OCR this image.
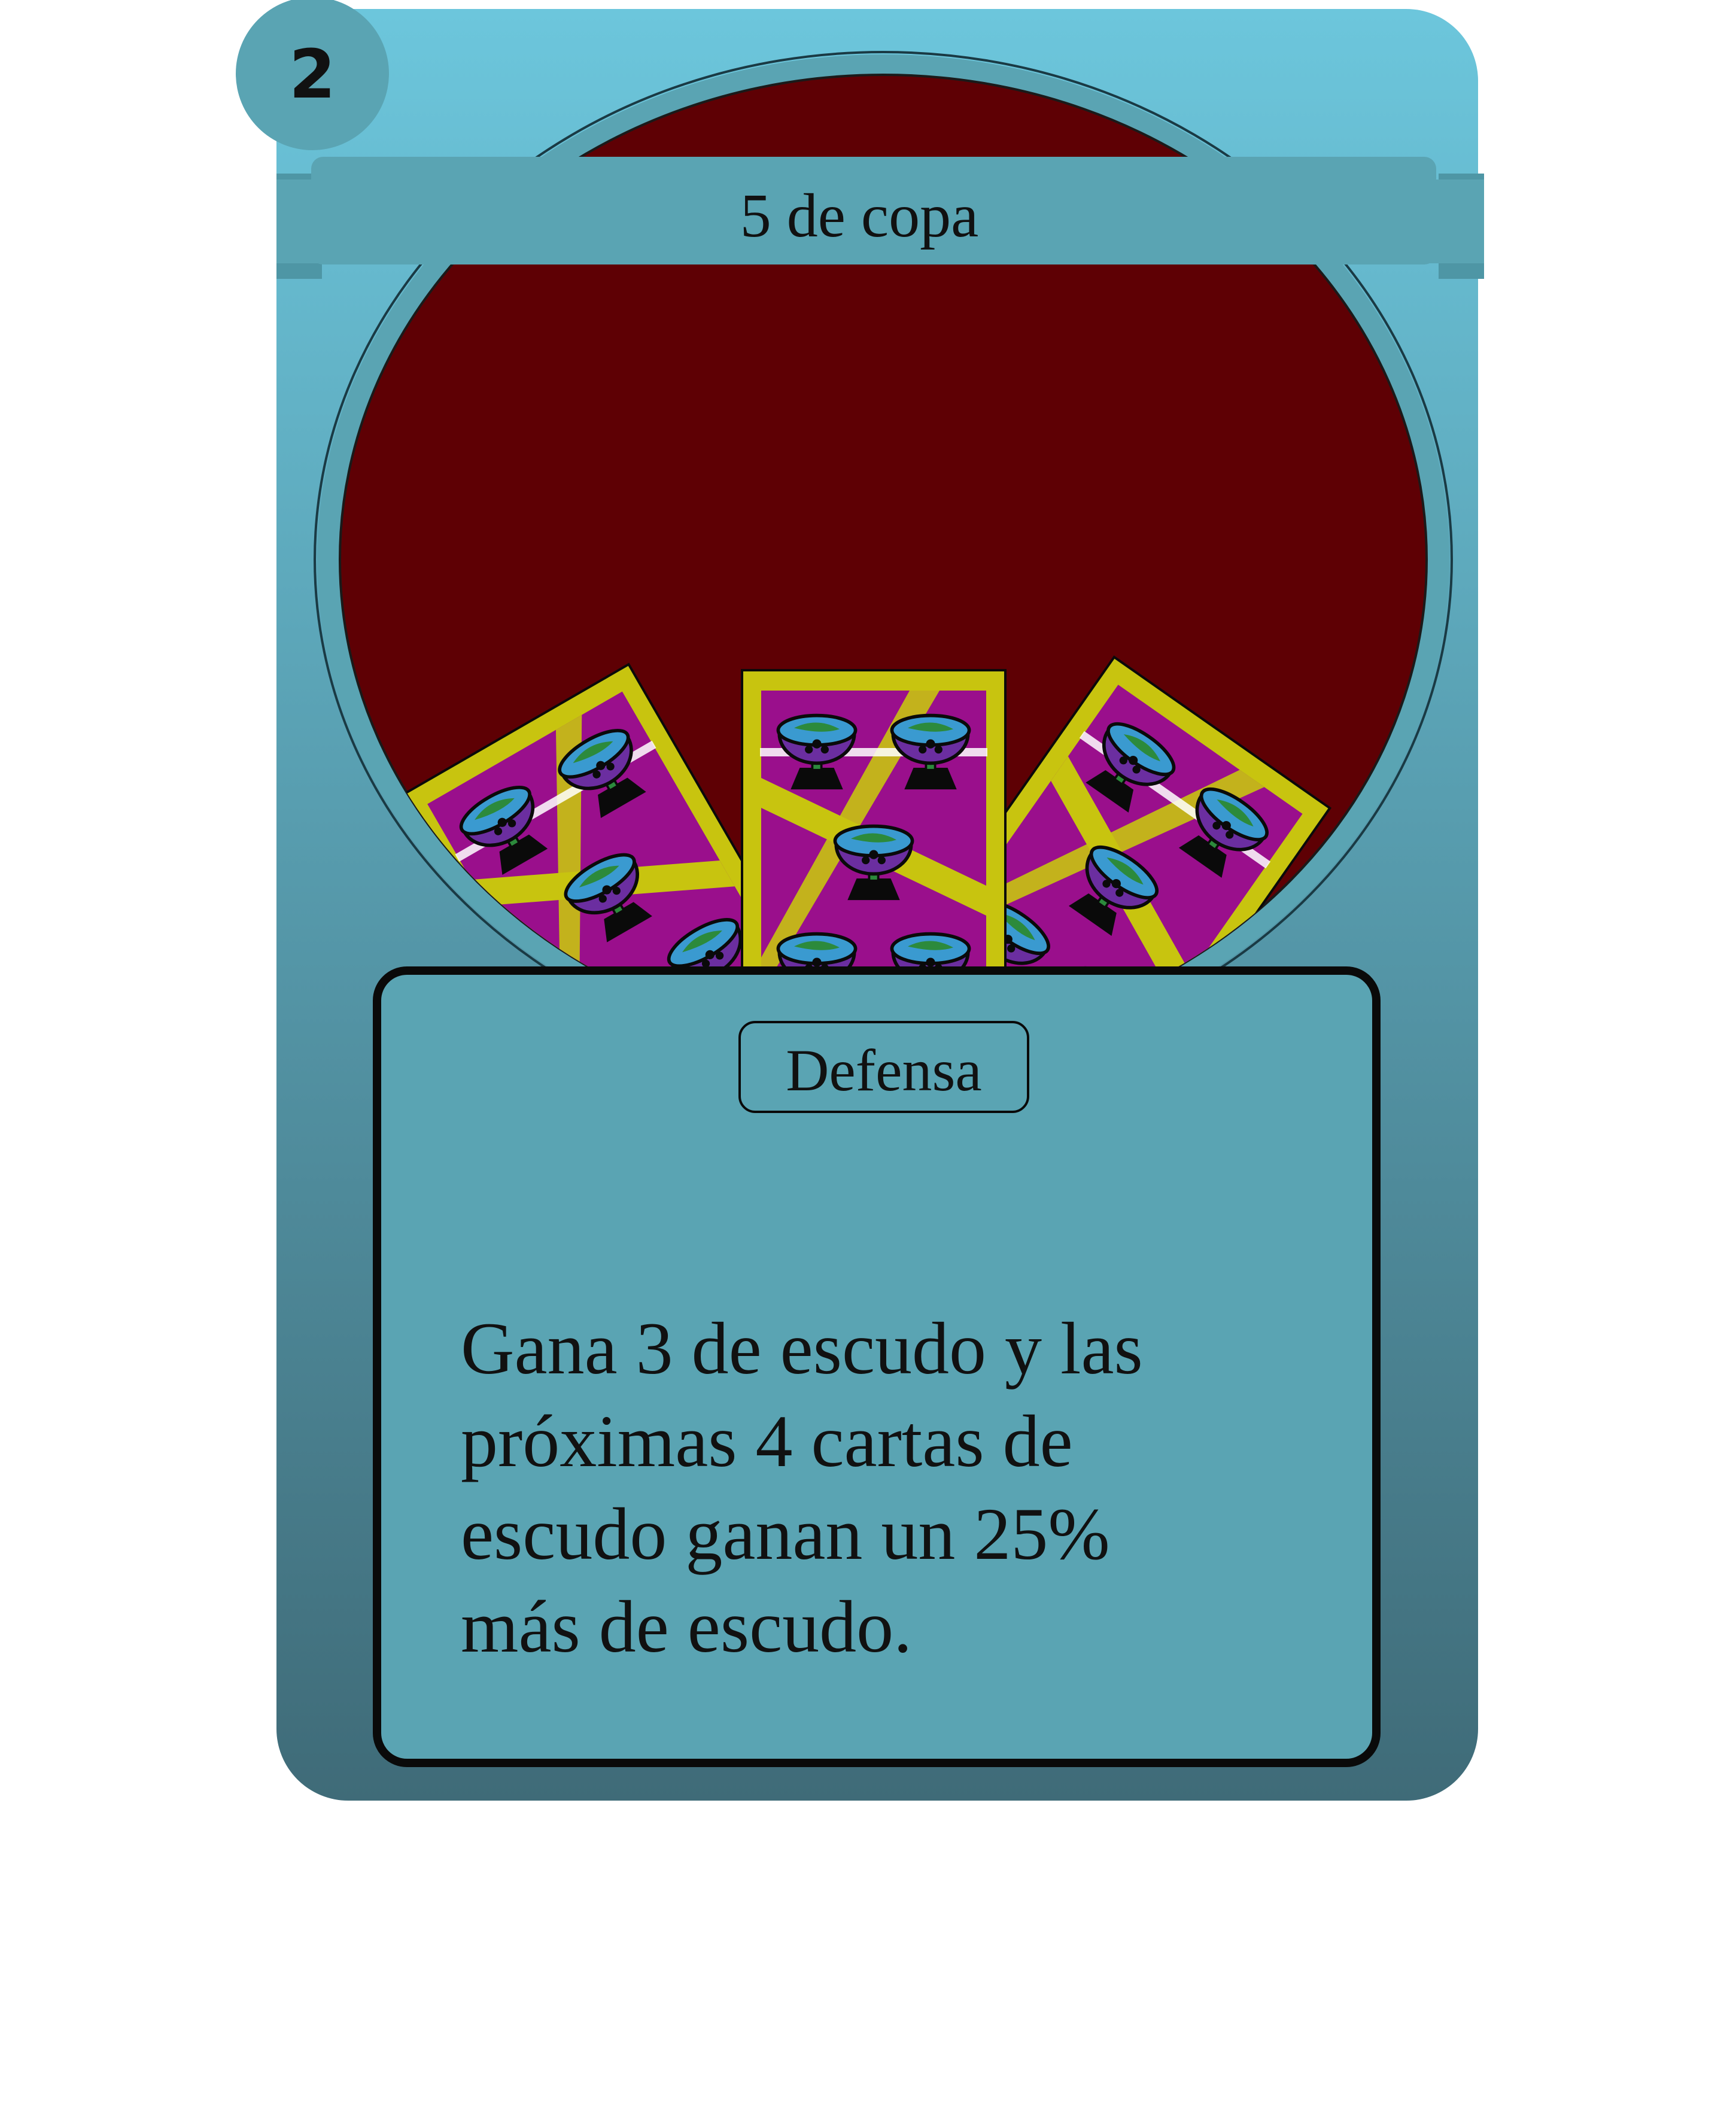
5 de copa
2
Defensa
Gana 3 de escudo y las
próximas 4 cartas de
escudo ganan un 25%
más de escudo.
